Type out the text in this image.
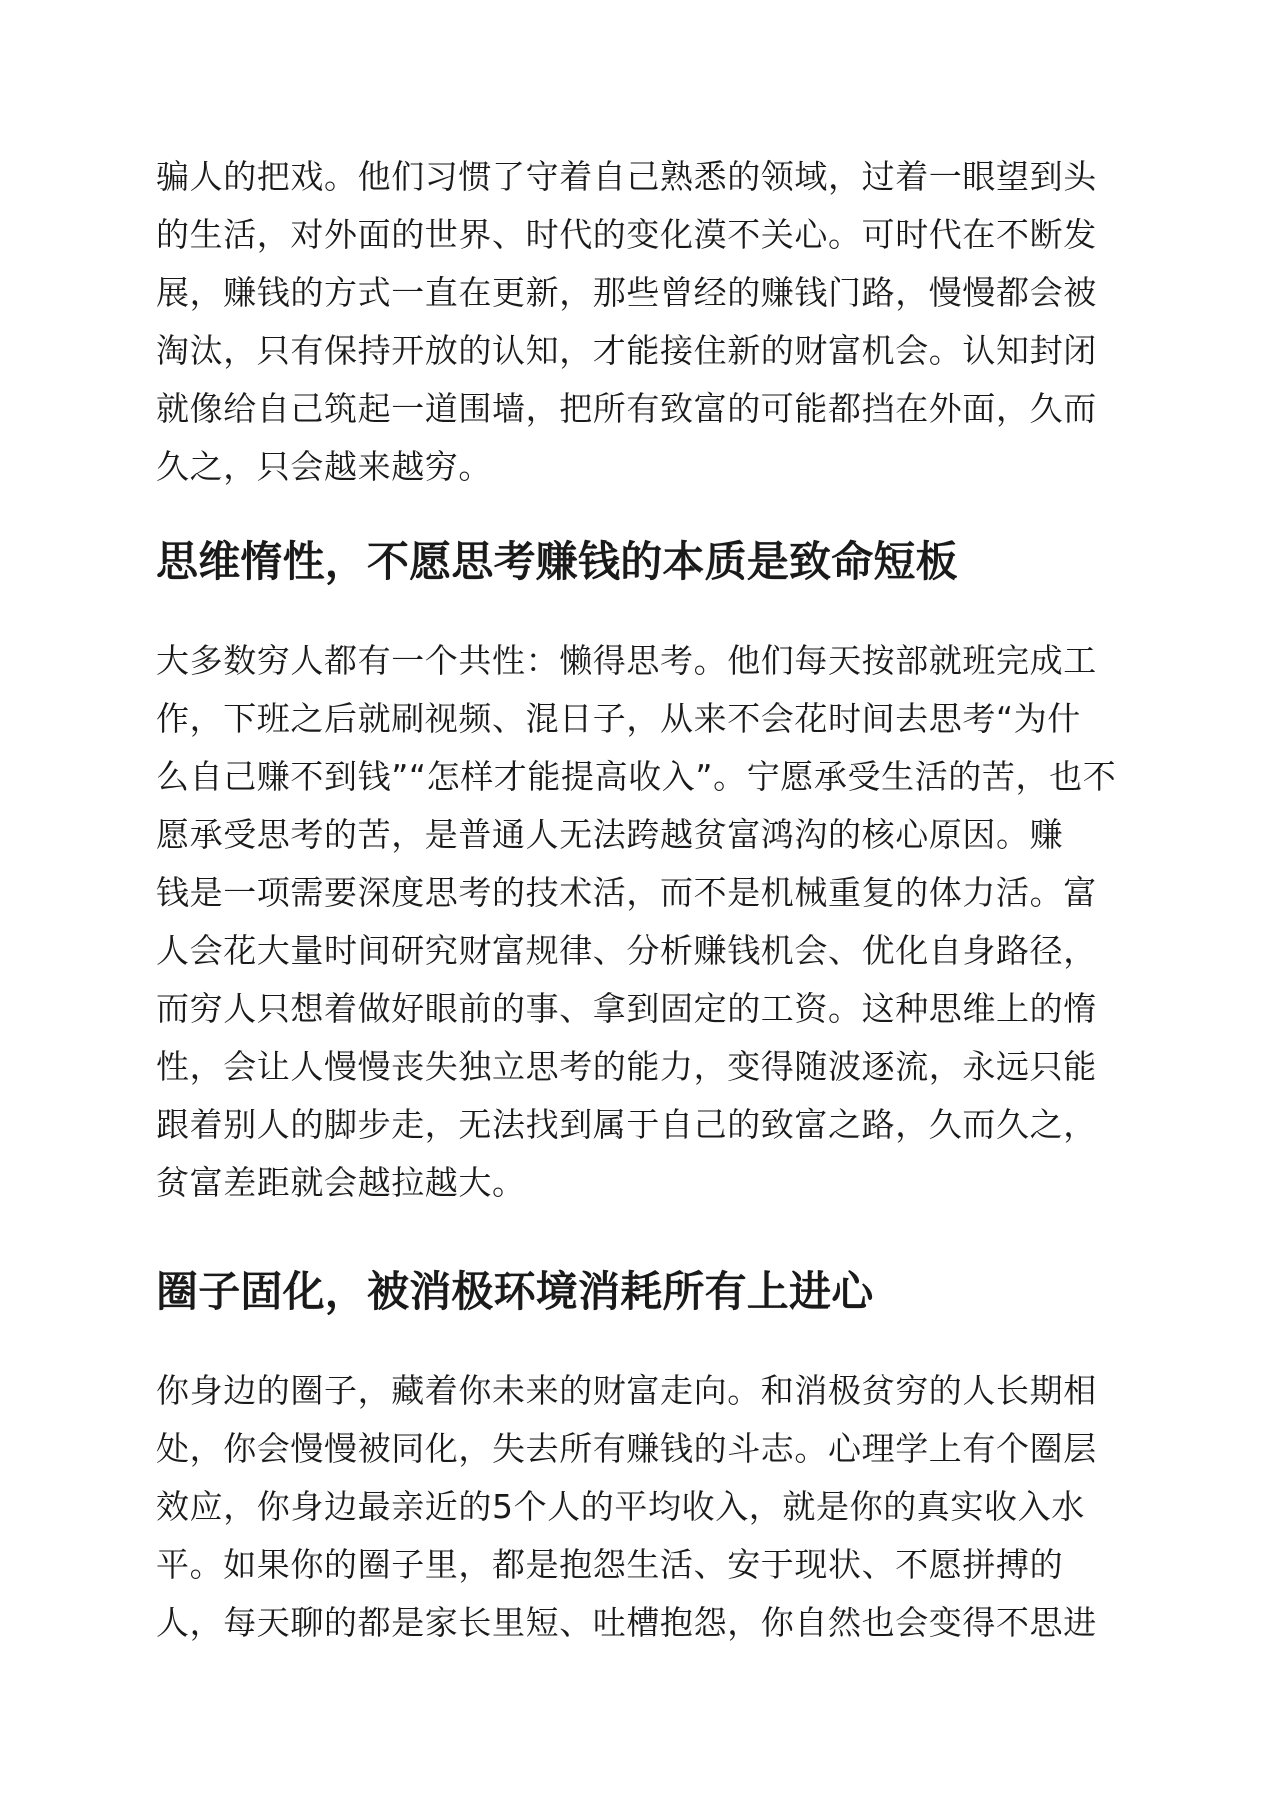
骗人的把戏。他们习惯了守着自己熟悉的领域，过着一眼望到头
的生活，对外面的世界、时代的变化漠不关心。可时代在不断发
展，赚钱的方式一直在更新，那些曾经的赚钱门路，慢慢都会被
淘汰，只有保持开放的认知，才能接住新的财富机会。认知封闭
就像给自己筑起一道围墙，把所有致富的可能都挡在外面，久而
久之，只会越来越穷。

思维惰性，不愿思考赚钱的本质是致命短板

大多数穷人都有一个共性：懒得思考。他们每天按部就班完成工
作，下班之后就刷视频、混日子，从来不会花时间去思考“为什
么自己赚不到钱”“怎样才能提高收入”。宁愿承受生活的苦，也不
愿承受思考的苦，是普通人无法跨越贫富鸿沟的核心原因。赚
钱是一项需要深度思考的技术活，而不是机械重复的体力活。富
人会花大量时间研究财富规律、分析赚钱机会、优化自身路径，
而穷人只想着做好眼前的事、拿到固定的工资。这种思维上的惰
性，会让人慢慢丧失独立思考的能力，变得随波逐流，永远只能
跟着别人的脚步走，无法找到属于自己的致富之路，久而久之，
贫富差距就会越拉越大。

圈子固化，被消极环境消耗所有上进心

你身边的圈子，藏着你未来的财富走向。和消极贫穷的人长期相
处，你会慢慢被同化，失去所有赚钱的斗志。心理学上有个圈层
效应，你身边最亲近的5个人的平均收入，就是你的真实收入水
平。如果你的圈子里，都是抱怨生活、安于现状、不愿拼搏的
人，每天聊的都是家长里短、吐槽抱怨，你自然也会变得不思进
